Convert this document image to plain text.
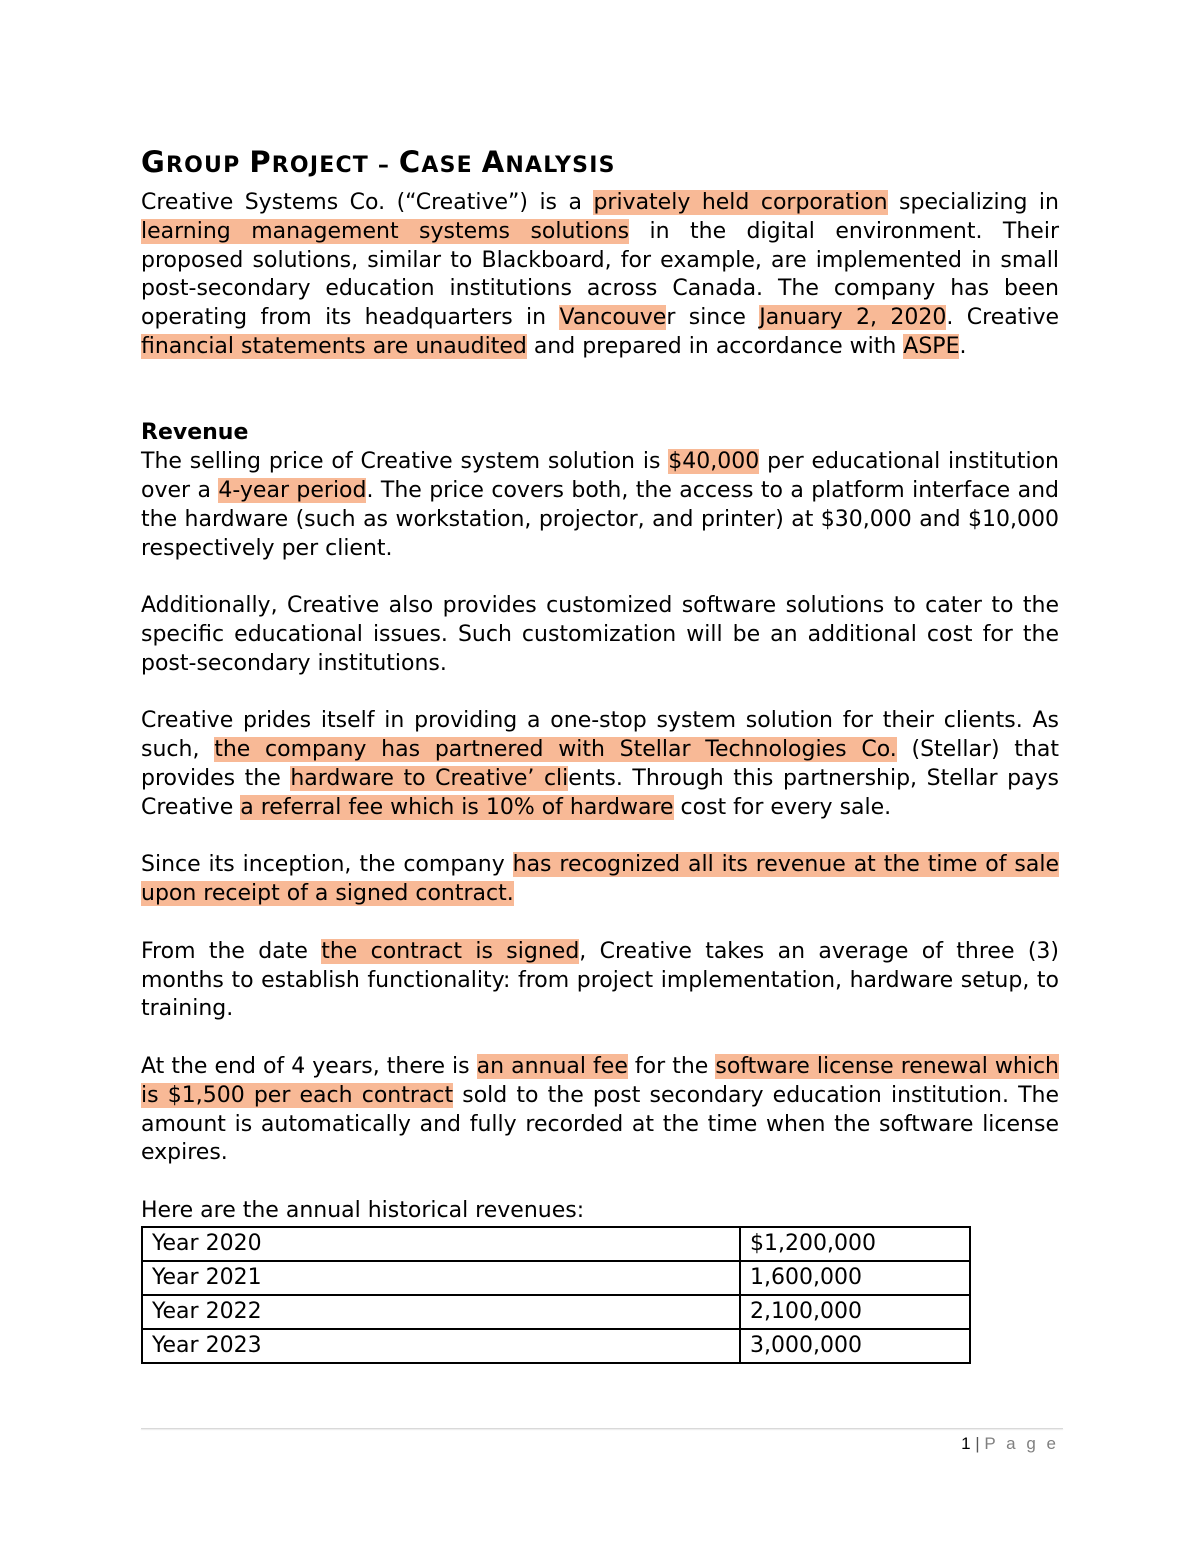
GROUP PROJECT – CASE ANALYSIS

Creative Systems Co. (“Creative”) is a privately held corporation specializing in learning management systems solutions in the digital environment. Their proposed solutions, similar to Blackboard, for example, are implemented in small post-secondary education institutions across Canada. The company has been operating from its headquarters in Vancouver since January 2, 2020. Creative financial statements are unaudited and prepared in accordance with ASPE.

Revenue

The selling price of Creative system solution is $40,000 per educational institution over a 4-year period. The price covers both, the access to a platform interface and the hardware (such as workstation, projector, and printer) at $30,000 and $10,000 respectively per client.

Additionally, Creative also provides customized software solutions to cater to the specific educational issues. Such customization will be an additional cost for the post-secondary institutions.

Creative prides itself in providing a one-stop system solution for their clients. As such, the company has partnered with Stellar Technologies Co. (Stellar) that provides the hardware to Creative’ clients. Through this partnership, Stellar pays Creative a referral fee which is 10% of hardware cost for every sale.

Since its inception, the company has recognized all its revenue at the time of sale upon receipt of a signed contract.

From the date the contract is signed, Creative takes an average of three (3) months to establish functionality: from project implementation, hardware setup, to training.

At the end of 4 years, there is an annual fee for the software license renewal which is $1,500 per each contract sold to the post secondary education institution. The amount is automatically and fully recorded at the time when the software license expires.

Here are the annual historical revenues:

Year 2020	$1,200,000
Year 2021	1,600,000
Year 2022	2,100,000
Year 2023	3,000,000
1 | P a g e
